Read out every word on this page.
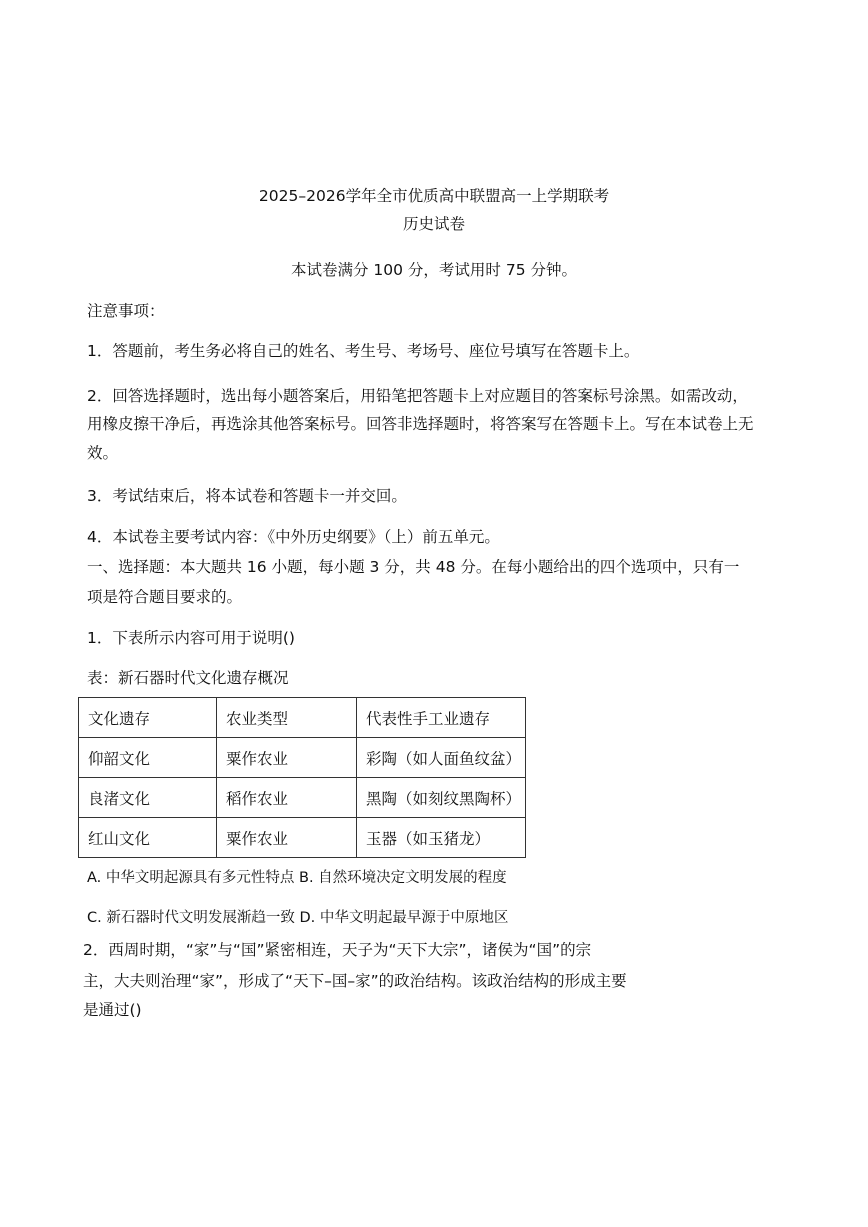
2025–2026学年全市优质高中联盟高一上学期联考
历史试卷
本试卷满分 100 分，考试用时 75 分钟。
注意事项：
1．答题前，考生务必将自己的姓名、考生号、考场号、座位号填写在答题卡上。
2．回答选择题时，选出每小题答案后，用铅笔把答题卡上对应题目的答案标号涂黑。如需改动，
用橡皮擦干净后，再选涂其他答案标号。回答非选择题时，将答案写在答题卡上。写在本试卷上无
效。
3．考试结束后，将本试卷和答题卡一并交回。
4．本试卷主要考试内容：《中外历史纲要》（上）前五单元。
一、选择题：本大题共 16 小题，每小题 3 分，共 48 分。在每小题给出的四个选项中，只有一
项是符合题目要求的。
1．下表所示内容可用于说明()
表：新石器时代文化遗存概况
文化遗存	农业类型	代表性手工业遗存
仰韶文化	粟作农业	彩陶（如人面鱼纹盆）
良渚文化	稻作农业	黑陶（如刻纹黑陶杯）
红山文化	粟作农业	玉器（如玉猪龙）
A. 中华文明起源具有多元性特点 B. 自然环境决定文明发展的程度
C. 新石器时代文明发展渐趋一致 D. 中华文明起最早源于中原地区
2．西周时期，“家”与“国”紧密相连，天子为“天下大宗”，诸侯为“国”的宗
主，大夫则治理“家”，形成了“天下–国–家”的政治结构。该政治结构的形成主要
是通过()
